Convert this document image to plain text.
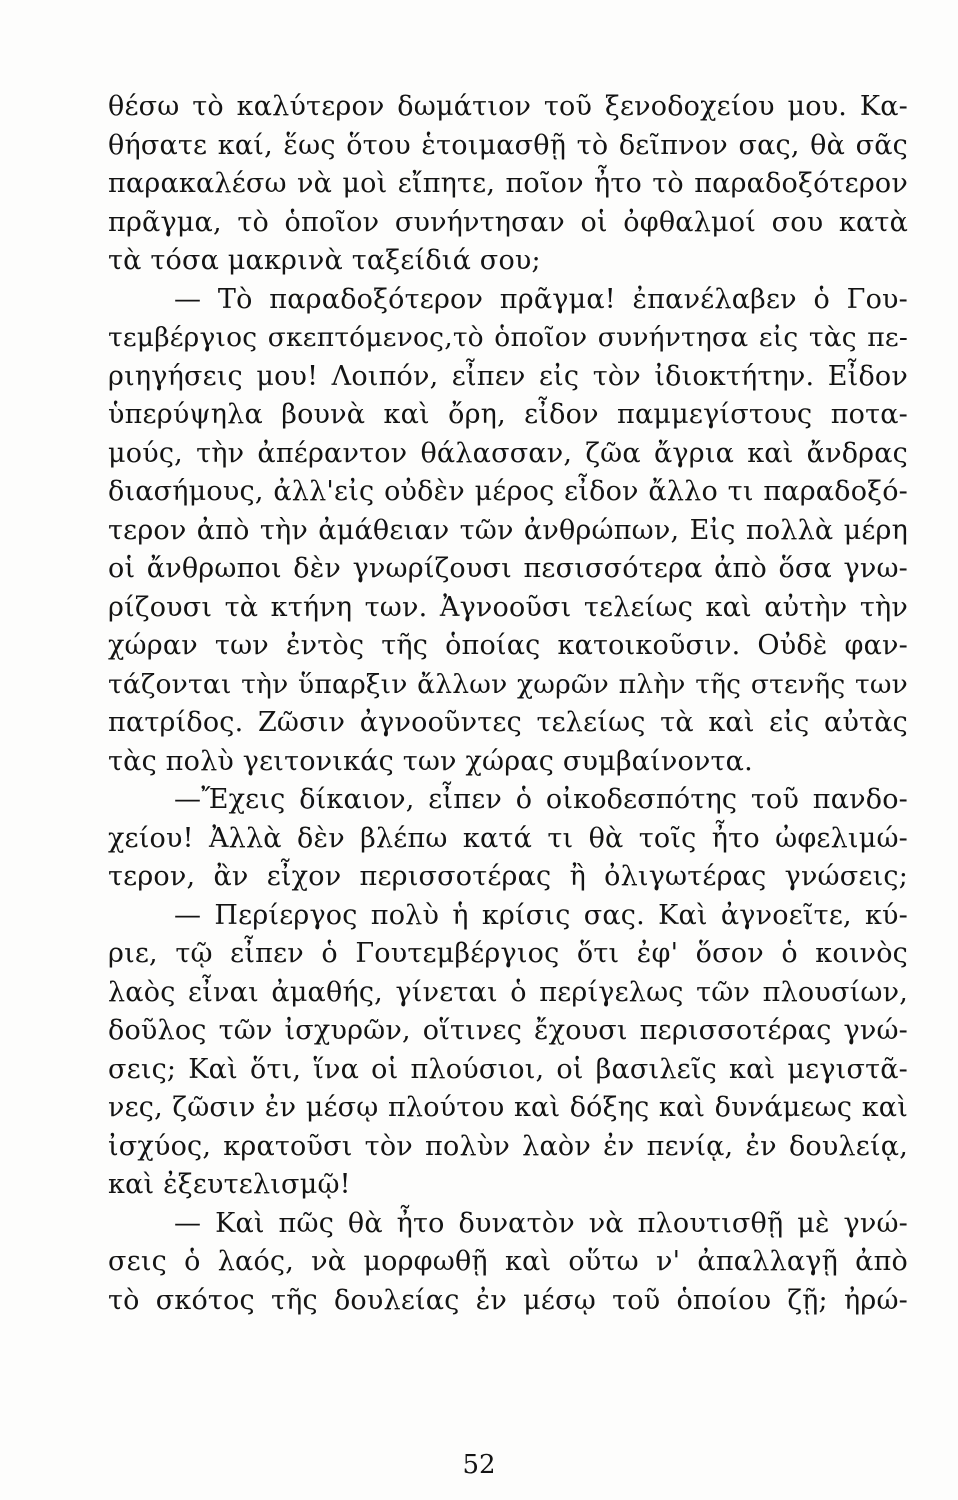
θέσω τὸ καλύτερον δωμάτιον τοῦ ξενοδοχείου μου. Κα-
θήσατε καί, ἕως ὅτου ἑτοιμασθῇ τὸ δεῖπνον σας, θὰ σᾶς
παρακαλέσω νὰ μοὶ εἴπητε, ποῖον ἦτο τὸ παραδοξότερον
πρᾶγμα, τὸ ὁποῖον συνήντησαν οἱ ὀφθαλμοί σου κατὰ
τὰ τόσα μακρινὰ ταξείδιά σου;
— Τὸ παραδοξότερον πρᾶγμα! ἐπανέλαβεν ὁ Γου-
τεμβέργιος σκεπτόμενος,τὸ ὁποῖον συνήντησα εἰς τὰς πε-
ριηγήσεις μου! Λοιπόν, εἶπεν εἰς τὸν ἰδιοκτήτην. Εἶδον
ὑπερύψηλα βουνὰ καὶ ὄρη, εἶδον παμμεγίστους ποτα-
μούς, τὴν ἀπέραντον θάλασσαν, ζῶα ἄγρια καὶ ἄνδρας
διασήμους, ἀλλ'εἰς οὐδὲν μέρος εἶδον ἄλλο τι παραδοξό-
τερον ἀπὸ τὴν ἀμάθειαν τῶν ἀνθρώπων, Εἰς πολλὰ μέρη
οἱ ἄνθρωποι δὲν γνωρίζουσι πεσισσότερα ἀπὸ ὅσα γνω-
ρίζουσι τὰ κτήνη των. Ἀγνοοῦσι τελείως καὶ αὐτὴν τὴν
χώραν των ἐντὸς τῆς ὁποίας κατοικοῦσιν. Οὐδὲ φαν-
τάζονται τὴν ὕπαρξιν ἄλλων χωρῶν πλὴν τῆς στενῆς των
πατρίδος. Ζῶσιν ἀγνοοῦντες τελείως τὰ καὶ εἰς αὐτὰς
τὰς πολὺ γειτονικάς των χώρας συμβαίνοντα.
—Ἔχεις δίκαιον, εἶπεν ὁ οἰκοδεσπότης τοῦ πανδο-
χείου! Ἀλλὰ δὲν βλέπω κατά τι θὰ τοῖς ἦτο ὠφελιμώ-
τερον, ἂν εἶχον περισσοτέρας ἢ ὀλιγωτέρας γνώσεις;
— Περίεργος πολὺ ἡ κρίσις σας. Καὶ ἀγνοεῖτε, κύ-
ριε, τῷ εἶπεν ὁ Γουτεμβέργιος ὅτι ἐφ' ὅσον ὁ κοινὸς
λαὸς εἶναι ἀμαθής, γίνεται ὁ περίγελως τῶν πλουσίων,
δοῦλος τῶν ἰσχυρῶν, οἵτινες ἔχουσι περισσοτέρας γνώ-
σεις; Καὶ ὅτι, ἵνα οἱ πλούσιοι, οἱ βασιλεῖς καὶ μεγιστᾶ-
νες, ζῶσιν ἐν μέσῳ πλούτου καὶ δόξης καὶ δυνάμεως καὶ
ἰσχύος, κρατοῦσι τὸν πολὺν λαὸν ἐν πενίᾳ, ἐν δουλείᾳ,
καὶ ἐξευτελισμῷ!
— Καὶ πῶς θὰ ἦτο δυνατὸν νὰ πλουτισθῇ μὲ γνώ-
σεις ὁ λαός, νὰ μορφωθῇ καὶ οὕτω ν' ἀπαλλαγῇ ἀπὸ
τὸ σκότος τῆς δουλείας ἐν μέσῳ τοῦ ὁποίου ζῇ; ἠρώ-
52
